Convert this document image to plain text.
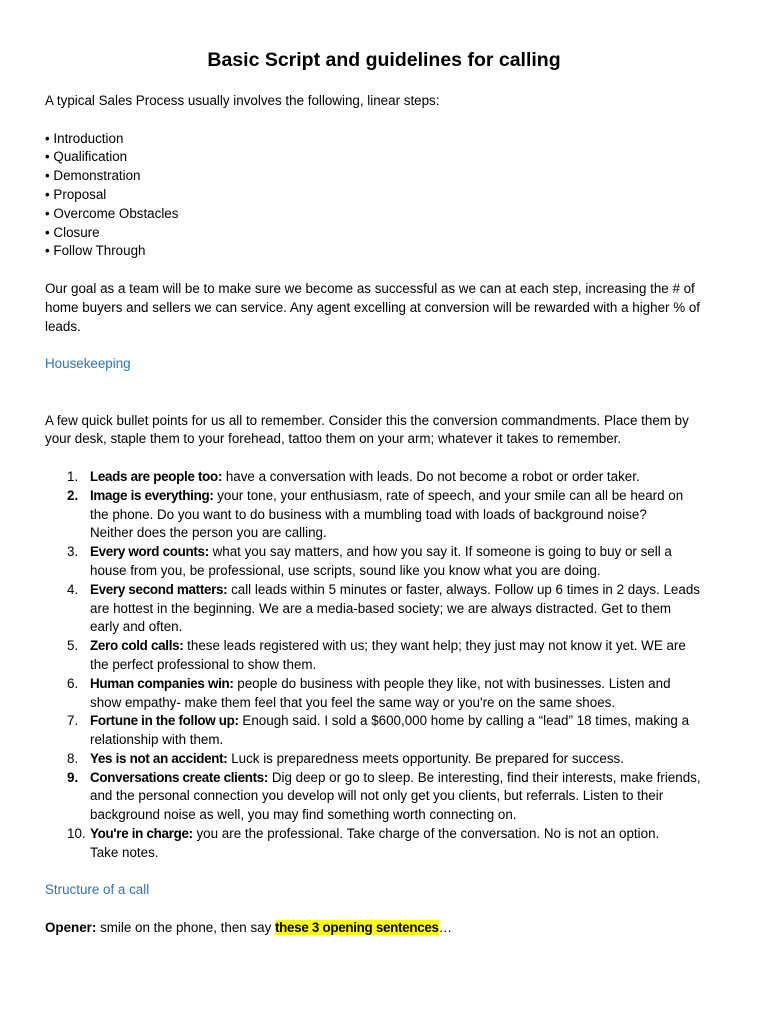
Basic Script and guidelines for calling

A typical Sales Process usually involves the following, linear steps:

• Introduction
• Qualification
• Demonstration
• Proposal
• Overcome Obstacles
• Closure
• Follow Through

Our goal as a team will be to make sure we become as successful as we can at each step, increasing the # of
home buyers and sellers we can service. Any agent excelling at conversion will be rewarded with a higher % of
leads.

Housekeeping

A few quick bullet points for us all to remember. Consider this the conversion commandments. Place them by
your desk, staple them to your forehead, tattoo them on your arm; whatever it takes to remember.

1. Leads are people too: have a conversation with leads. Do not become a robot or order taker.
2. Image is everything: your tone, your enthusiasm, rate of speech, and your smile can all be heard on
the phone. Do you want to do business with a mumbling toad with loads of background noise?
Neither does the person you are calling.
3. Every word counts: what you say matters, and how you say it. If someone is going to buy or sell a
house from you, be professional, use scripts, sound like you know what you are doing.
4. Every second matters: call leads within 5 minutes or faster, always. Follow up 6 times in 2 days. Leads
are hottest in the beginning. We are a media-based society; we are always distracted. Get to them
early and often.
5. Zero cold calls: these leads registered with us; they want help; they just may not know it yet. WE are
the perfect professional to show them.
6. Human companies win: people do business with people they like, not with businesses. Listen and
show empathy- make them feel that you feel the same way or you're on the same shoes.
7. Fortune in the follow up: Enough said. I sold a $600,000 home by calling a “lead” 18 times, making a
relationship with them.
8. Yes is not an accident: Luck is preparedness meets opportunity. Be prepared for success.
9. Conversations create clients: Dig deep or go to sleep. Be interesting, find their interests, make friends,
and the personal connection you develop will not only get you clients, but referrals. Listen to their
background noise as well, you may find something worth connecting on.
10. You're in charge: you are the professional. Take charge of the conversation. No is not an option.
Take notes.

Structure of a call

Opener: smile on the phone, then say these 3 opening sentences…
